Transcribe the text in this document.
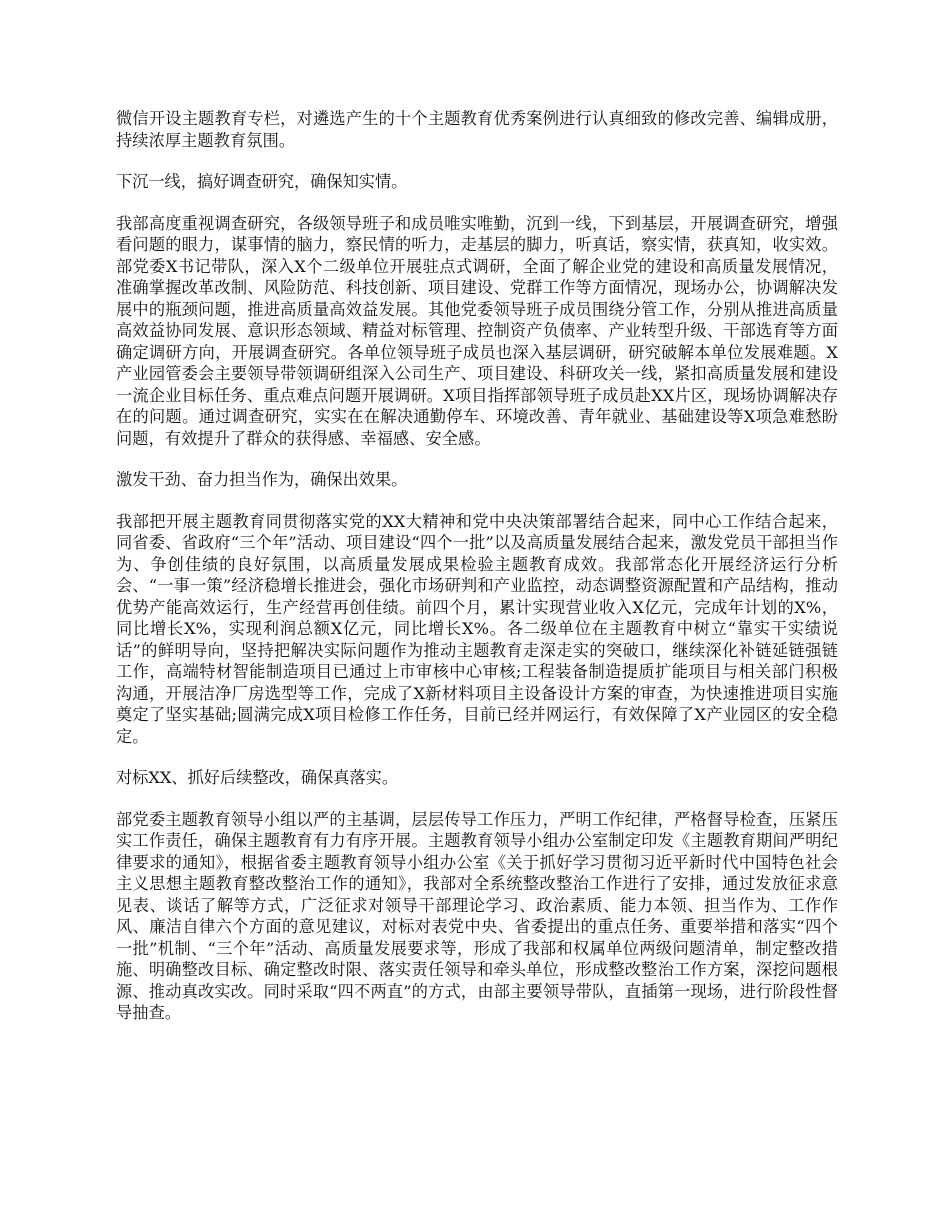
微信开设主题教育专栏，对遴选产生的十个主题教育优秀案例进行认真细致的修改完善、编辑成册，持续浓厚主题教育氛围。

下沉一线，搞好调查研究，确保知实情。

我部高度重视调查研究，各级领导班子和成员唯实唯勤，沉到一线，下到基层，开展调查研究，增强看问题的眼力，谋事情的脑力，察民情的听力，走基层的脚力，听真话，察实情，获真知，收实效。部党委X书记带队，深入X个二级单位开展驻点式调研，全面了解企业党的建设和高质量发展情况，准确掌握改革改制、风险防范、科技创新、项目建设、党群工作等方面情况，现场办公，协调解决发展中的瓶颈问题，推进高质量高效益发展。其他党委领导班子成员围绕分管工作，分别从推进高质量高效益协同发展、意识形态领域、精益对标管理、控制资产负债率、产业转型升级、干部选育等方面确定调研方向，开展调查研究。各单位领导班子成员也深入基层调研，研究破解本单位发展难题。X产业园管委会主要领导带领调研组深入公司生产、项目建设、科研攻关一线，紧扣高质量发展和建设一流企业目标任务、重点难点问题开展调研。X项目指挥部领导班子成员赴XX片区，现场协调解决存在的问题。通过调查研究，实实在在解决通勤停车、环境改善、青年就业、基础建设等X项急难愁盼问题，有效提升了群众的获得感、幸福感、安全感。

激发干劲、奋力担当作为，确保出效果。

我部把开展主题教育同贯彻落实党的XX大精神和党中央决策部署结合起来，同中心工作结合起来，同省委、省政府“三个年”活动、项目建设“四个一批”以及高质量发展结合起来，激发党员干部担当作为、争创佳绩的良好氛围，以高质量发展成果检验主题教育成效。我部常态化开展经济运行分析会、“一事一策”经济稳增长推进会，强化市场研判和产业监控，动态调整资源配置和产品结构，推动优势产能高效运行，生产经营再创佳绩。前四个月，累计实现营业收入X亿元，完成年计划的X%，同比增长X%，实现利润总额X亿元，同比增长X%。各二级单位在主题教育中树立“靠实干实绩说话”的鲜明导向，坚持把解决实际问题作为推动主题教育走深走实的突破口，继续深化补链延链强链工作，高端特材智能制造项目已通过上市审核中心审核;工程装备制造提质扩能项目与相关部门积极沟通，开展洁净厂房选型等工作，完成了X新材料项目主设备设计方案的审查，为快速推进项目实施奠定了坚实基础;圆满完成X项目检修工作任务，目前已经并网运行，有效保障了X产业园区的安全稳定。

对标XX、抓好后续整改，确保真落实。

部党委主题教育领导小组以严的主基调，层层传导工作压力，严明工作纪律，严格督导检查，压紧压实工作责任，确保主题教育有力有序开展。主题教育领导小组办公室制定印发《主题教育期间严明纪律要求的通知》，根据省委主题教育领导小组办公室《关于抓好学习贯彻习近平新时代中国特色社会主义思想主题教育整改整治工作的通知》，我部对全系统整改整治工作进行了安排，通过发放征求意见表、谈话了解等方式，广泛征求对领导干部理论学习、政治素质、能力本领、担当作为、工作作风、廉洁自律六个方面的意见建议，对标对表党中央、省委提出的重点任务、重要举措和落实“四个一批”机制、“三个年”活动、高质量发展要求等，形成了我部和权属单位两级问题清单，制定整改措施、明确整改目标、确定整改时限、落实责任领导和牵头单位，形成整改整治工作方案，深挖问题根源、推动真改实改。同时采取“四不两直”的方式，由部主要领导带队，直插第一现场，进行阶段性督导抽查。
